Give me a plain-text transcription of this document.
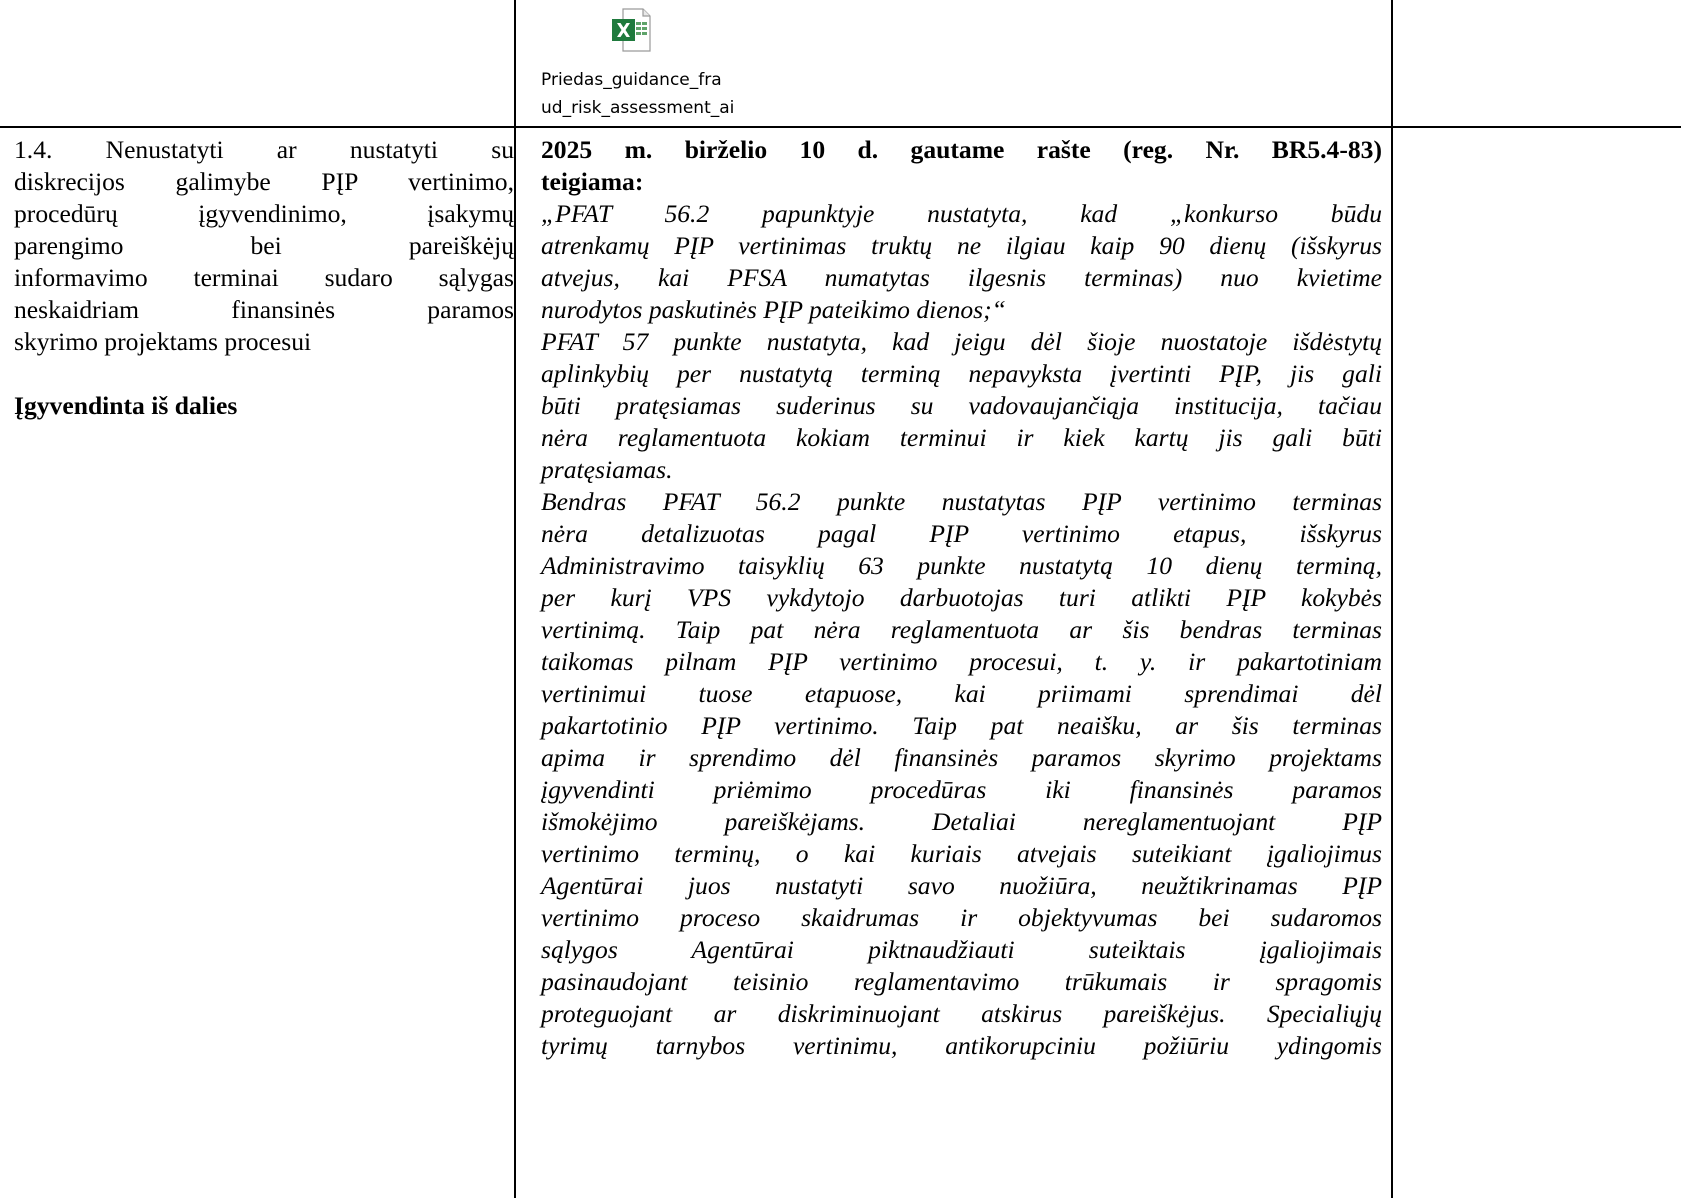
Priedas_guidance_fra
ud_risk_assessment_ai
1.4. Nenustatyti ar nustatyti su
diskrecijos galimybe PĮP vertinimo,
procedūrų įgyvendinimo, įsakymų
parengimo bei pareiškėjų
informavimo terminai sudaro sąlygas
neskaidriam finansinės paramos
skyrimo projektams procesui
Įgyvendinta iš dalies
2025 m. birželio 10 d. gautame rašte (reg. Nr. BR5.4-83)
teigiama:
„PFAT 56.2 papunktyje nustatyta, kad „konkurso būdu
atrenkamų PĮP vertinimas truktų ne ilgiau kaip 90 dienų (išskyrus
atvejus, kai PFSA numatytas ilgesnis terminas) nuo kvietime
nurodytos paskutinės PĮP pateikimo dienos;“
PFAT 57 punkte nustatyta, kad jeigu dėl šioje nuostatoje išdėstytų
aplinkybių per nustatytą terminą nepavyksta įvertinti PĮP, jis gali
būti pratęsiamas suderinus su vadovaujančiąja institucija, tačiau
nėra reglamentuota kokiam terminui ir kiek kartų jis gali būti
pratęsiamas.
Bendras PFAT 56.2 punkte nustatytas PĮP vertinimo terminas
nėra detalizuotas pagal PĮP vertinimo etapus, išskyrus
Administravimo taisyklių 63 punkte nustatytą 10 dienų terminą,
per kurį VPS vykdytojo darbuotojas turi atlikti PĮP kokybės
vertinimą. Taip pat nėra reglamentuota ar šis bendras terminas
taikomas pilnam PĮP vertinimo procesui, t. y. ir pakartotiniam
vertinimui tuose etapuose, kai priimami sprendimai dėl
pakartotinio PĮP vertinimo. Taip pat neaišku, ar šis terminas
apima ir sprendimo dėl finansinės paramos skyrimo projektams
įgyvendinti priėmimo procedūras iki finansinės paramos
išmokėjimo pareiškėjams. Detaliai nereglamentuojant PĮP
vertinimo terminų, o kai kuriais atvejais suteikiant įgaliojimus
Agentūrai juos nustatyti savo nuožiūra, neužtikrinamas PĮP
vertinimo proceso skaidrumas ir objektyvumas bei sudaromos
sąlygos Agentūrai piktnaudžiauti suteiktais įgaliojimais
pasinaudojant teisinio reglamentavimo trūkumais ir spragomis
proteguojant ar diskriminuojant atskirus pareiškėjus. Specialiųjų
tyrimų tarnybos vertinimu, antikorupciniu požiūriu ydingomis
